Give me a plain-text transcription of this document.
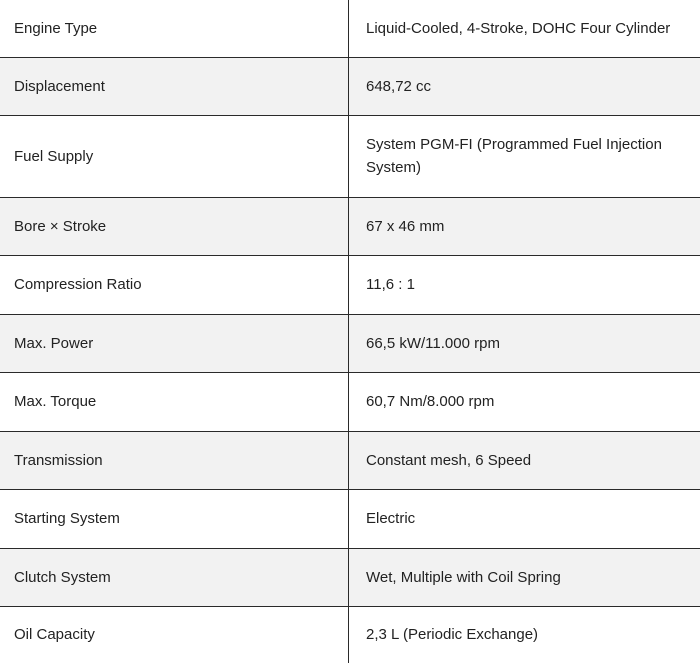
Engine Type	Liquid-Cooled, 4-Stroke, DOHC Four Cylinder
Displacement	648,72 cc
Fuel Supply	System PGM-FI (Programmed Fuel Injection System)
Bore × Stroke	67 x 46 mm
Compression Ratio	11,6 : 1
Max. Power	66,5 kW/11.000 rpm
Max. Torque	60,7 Nm/8.000 rpm
Transmission	Constant mesh, 6 Speed
Starting System	Electric
Clutch System	Wet, Multiple with Coil Spring
Oil Capacity	2,3 L (Periodic Exchange)
